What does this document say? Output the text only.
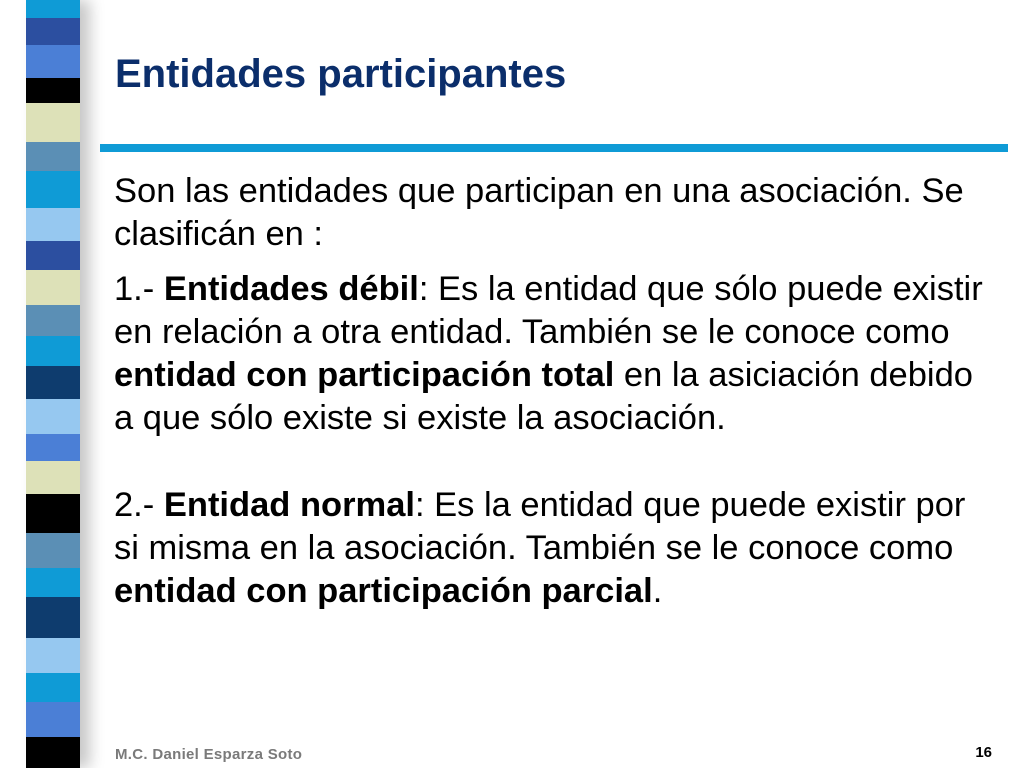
Entidades participantes

Son las entidades que participan en una asociación. Se clasificán en :

1.- Entidades débil: Es la entidad que sólo puede existir en relación a otra entidad. También se le conoce como entidad con participación total en la asiciación debido a que sólo existe si existe la asociación.

2.- Entidad normal: Es la entidad que puede existir por si misma en la asociación. También se le conoce como entidad con participación parcial.

M.C. Daniel Esparza Soto	16
